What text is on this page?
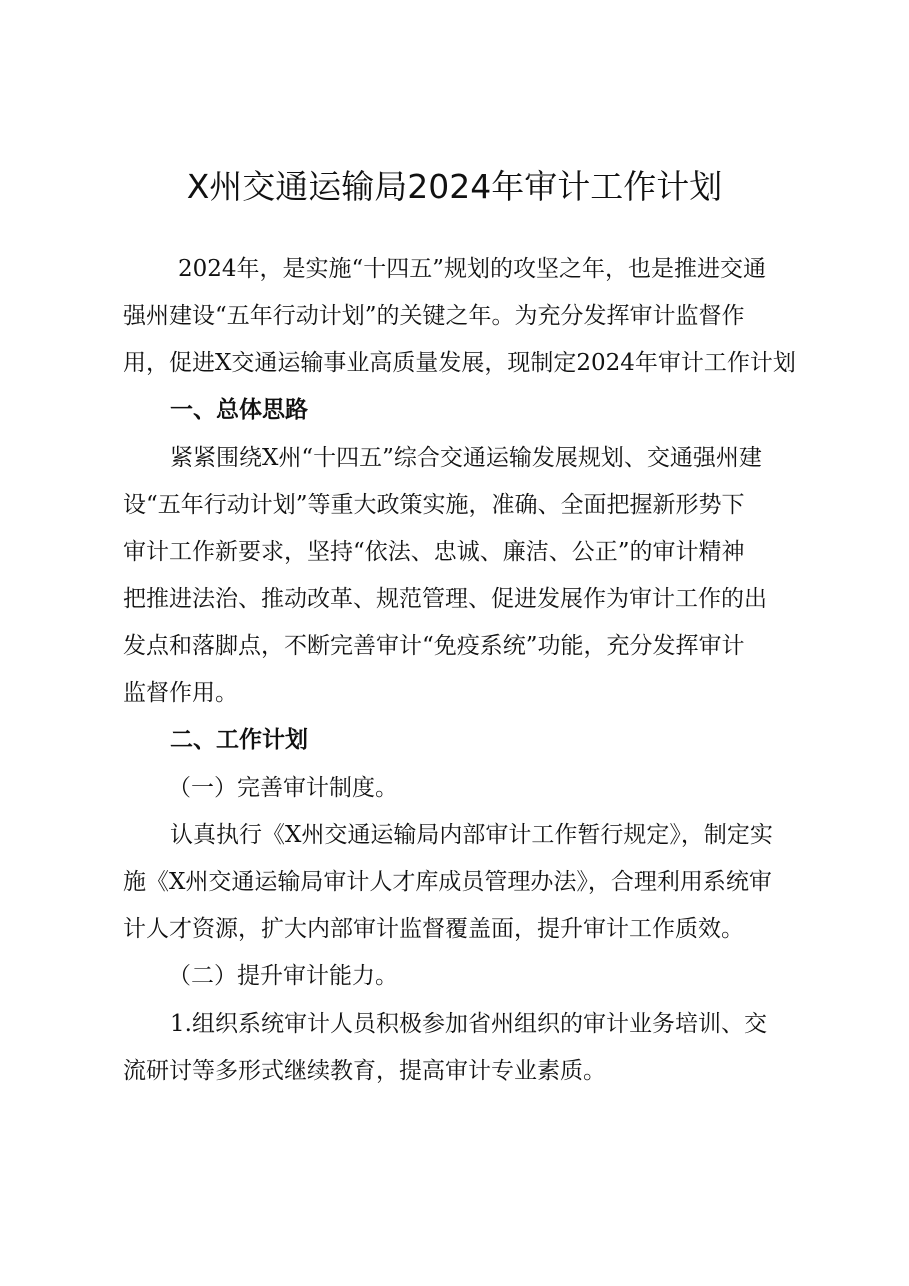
X州交通运输局2024年审计工作计划
2024年，是实施“十四五”规划的攻坚之年，也是推进交通
强州建设“五年行动计划”的关键之年。为充分发挥审计监督作
用，促进X交通运输事业高质量发展，现制定2024年审计工作计划
一、总体思路
紧紧围绕X州“十四五”综合交通运输发展规划、交通强州建
设“五年行动计划”等重大政策实施，准确、全面把握新形势下
审计工作新要求，坚持“依法、忠诚、廉洁、公正”的审计精神
把推进法治、推动改革、规范管理、促进发展作为审计工作的出
发点和落脚点，不断完善审计“免疫系统”功能，充分发挥审计
监督作用。
二、工作计划
（一）完善审计制度。
认真执行《X州交通运输局内部审计工作暂行规定》，制定实
施《X州交通运输局审计人才库成员管理办法》，合理利用系统审
计人才资源，扩大内部审计监督覆盖面，提升审计工作质效。
（二）提升审计能力。
1.组织系统审计人员积极参加省州组织的审计业务培训、交
流研讨等多形式继续教育，提高审计专业素质。
